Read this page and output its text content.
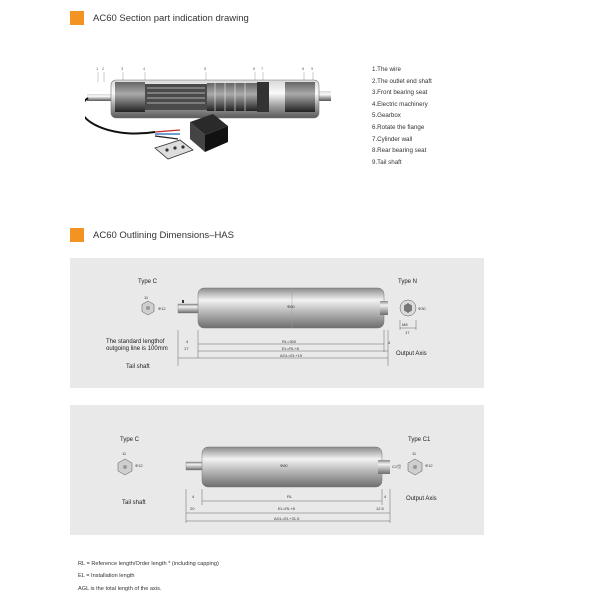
AC60 Section part indication drawing
1 2	3	4	5	6 7	8 9	1.The wire
2.The outlet end shaft
3.Front bearing seat
4.Electric machinery
5.Gearbox
6.Rotate the flange
7.Cylinder wall
8.Rear bearing seat
9.Tail shaft
AC60 Outlining Dimensions–HAS
Type C	Type N
11
Φ12	Φ30
M8
17
Φ60
The standard lengthof
outgoing line is 100mm
Tail shaft
Output Axis
4
17
4
RL=300
EL=RL+8
AGL=EL+19
Type C	Type C1
C1型
11
Φ12
11
Φ12
Φ60
Tail shaft
Output Axis
4	4
20	12.5
RL
EL=RL+8
AGL=EL+31.5
RL = Reference length/Order length * (including capping)
EL = Installation length
AGL is the total length of the axis.
